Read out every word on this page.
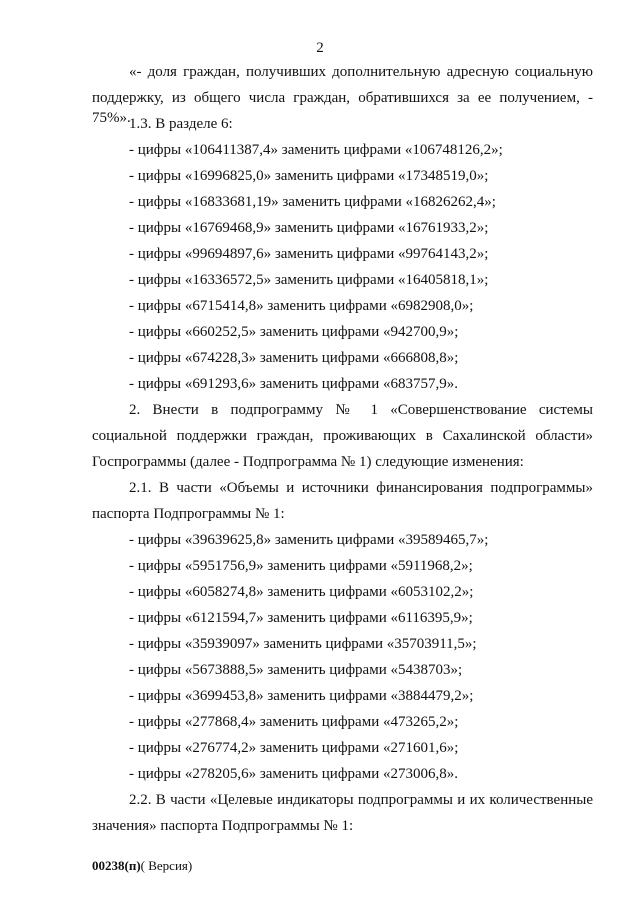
2
«- доля граждан, получивших дополнительную адресную социальную
поддержку, из общего числа граждан, обратившихся за ее получением, - 75%».
1.3. В разделе 6:
- цифры «106411387,4» заменить цифрами «106748126,2»;
- цифры «16996825,0» заменить цифрами «17348519,0»;
- цифры «16833681,19» заменить цифрами «16826262,4»;
- цифры «16769468,9» заменить цифрами «16761933,2»;
- цифры «99694897,6» заменить цифрами «99764143,2»;
- цифры «16336572,5» заменить цифрами «16405818,1»;
- цифры «6715414,8» заменить цифрами «6982908,0»;
- цифры «660252,5» заменить цифрами «942700,9»;
- цифры «674228,3» заменить цифрами «666808,8»;
- цифры «691293,6» заменить цифрами «683757,9».
2. Внести в подпрограмму № 1 «Совершенствование системы
социальной поддержки граждан, проживающих в Сахалинской области»
Госпрограммы (далее - Подпрограмма № 1) следующие изменения:
2.1. В части «Объемы и источники финансирования подпрограммы»
паспорта Подпрограммы № 1:
- цифры «39639625,8» заменить цифрами «39589465,7»;
- цифры «5951756,9» заменить цифрами «5911968,2»;
- цифры «6058274,8» заменить цифрами «6053102,2»;
- цифры «6121594,7» заменить цифрами «6116395,9»;
- цифры «35939097» заменить цифрами «35703911,5»;
- цифры «5673888,5» заменить цифрами «5438703»;
- цифры «3699453,8» заменить цифрами «3884479,2»;
- цифры «277868,4» заменить цифрами «473265,2»;
- цифры «276774,2» заменить цифрами «271601,6»;
- цифры «278205,6» заменить цифрами «273006,8».
2.2. В части «Целевые индикаторы подпрограммы и их количественные
значения» паспорта Подпрограммы № 1:
00238(п)( Версия)
